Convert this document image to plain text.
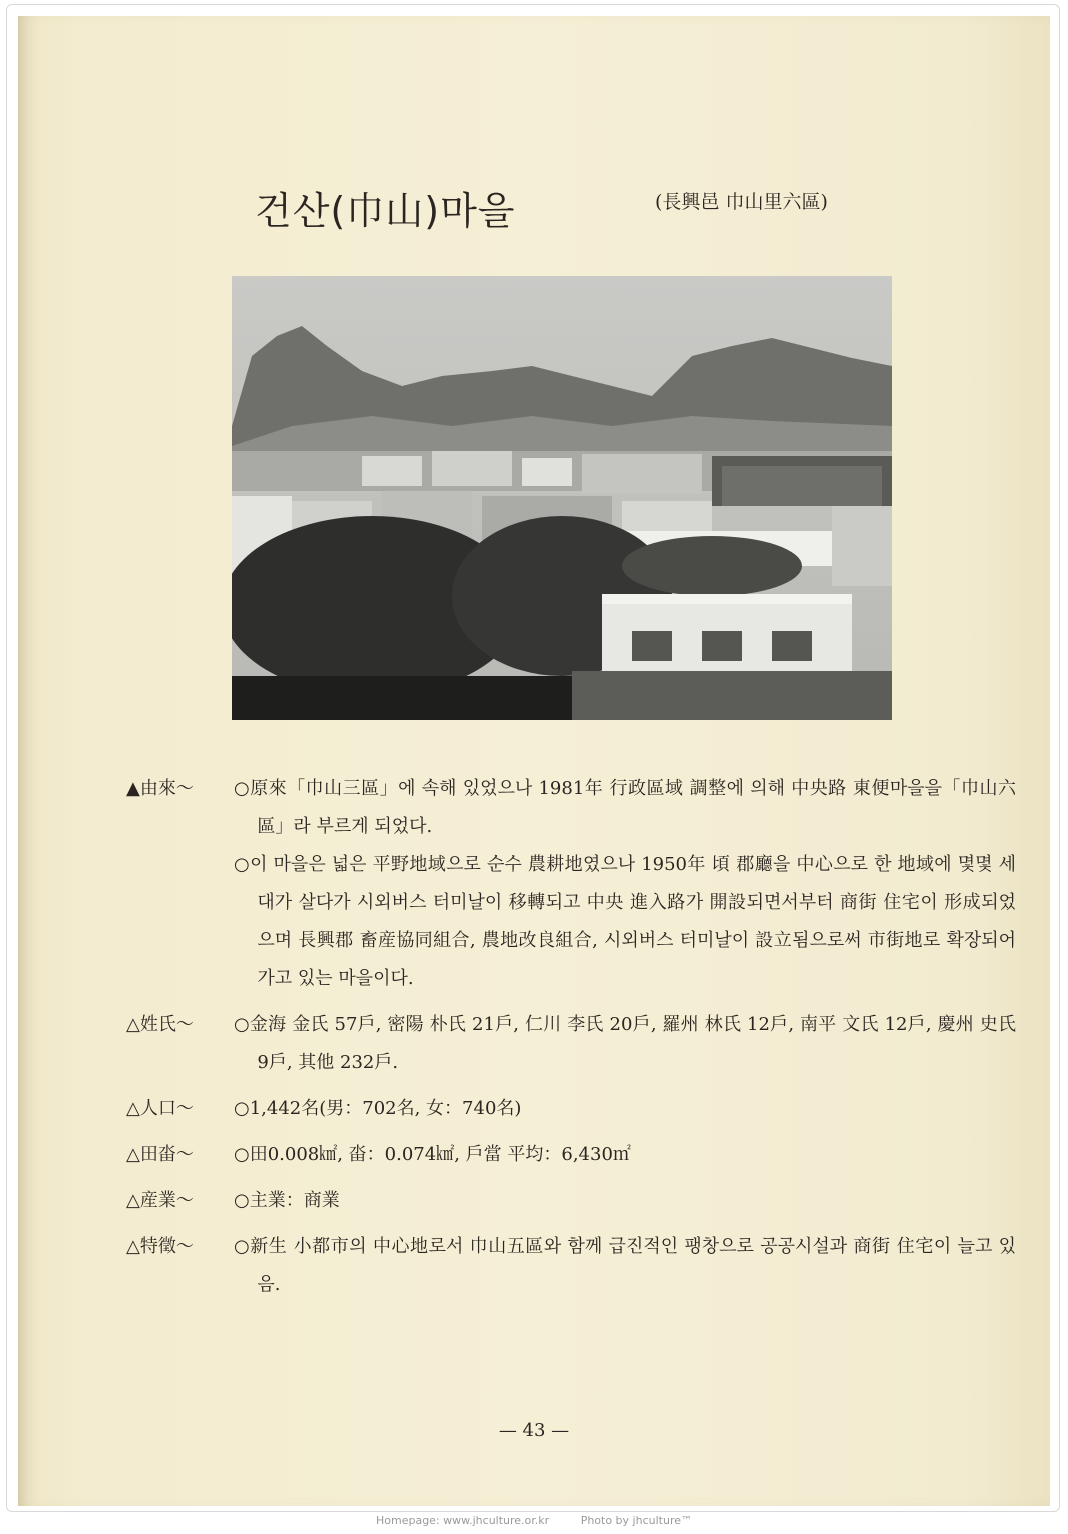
건산(巾山)마을	(長興邑 巾山里六區)
▲由來～	○原來「巾山三區」에 속해 있었으나 1981年 行政區域 調整에 의해 中央路 東便마을을「巾山六區」라 부르게 되었다.
○이 마을은 넓은 平野地域으로 순수 農耕地였으나 1950年 頃 郡廳을 中心으로 한 地域에 몇몇 세대가 살다가 시외버스 터미날이 移轉되고 中央 進入路가 開設되면서부터 商街 住宅이 形成되었으며 長興郡 畜産協同組合, 農地改良組合, 시외버스 터미날이 設立됨으로써 市街地로 확장되어 가고 있는 마을이다.
△姓氏～	○金海 金氏 57戶, 密陽 朴氏 21戶, 仁川 李氏 20戶, 羅州 林氏 12戶, 南平 文氏 12戶, 慶州 史氏 9戶, 其他 232戶.
△人口～	○1,442名(男：702名, 女：740名)
△田畓～	○田0.008㎢, 畓：0.074㎢, 戶當 平均：6,430㎡
△産業～	○主業：商業
△特徵～	○新生 小都市의 中心地로서 巾山五區와 함께 급진적인 팽창으로 공공시설과 商街 住宅이 늘고 있음.
— 43 —
Homepage: www.jhculture.or.kr	Photo by jhculture™
